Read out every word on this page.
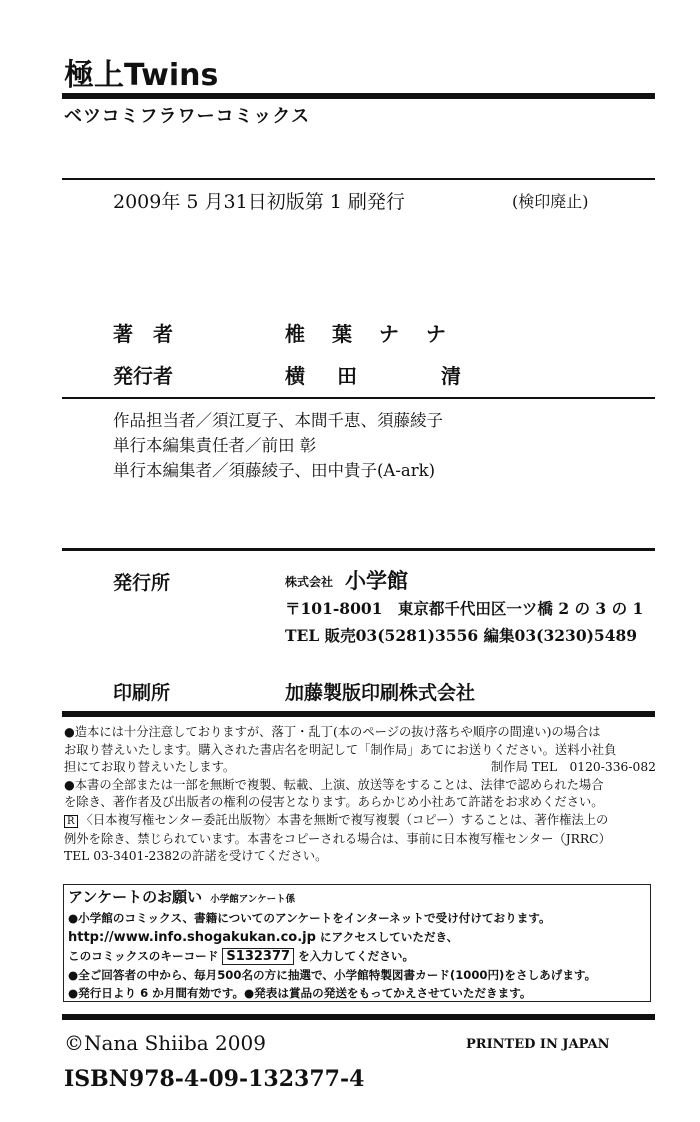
極上Twins
ベツコミフラワーコミックス
2009年 5 月31日初版第 1 刷発行	(検印廃止)
著　者	椎 葉 ナ ナ
発行者	横　田　　　清
作品担当者／須江夏子、本間千恵、須藤綾子
単行本編集責任者／前田 彰
単行本編集者／須藤綾子、田中貴子(A-ark)
発行所	株式会社 小学館
〒101-8001　東京都千代田区一ツ橋 2 の 3 の 1
TEL 販売03(5281)3556 編集03(3230)5489
印刷所	加藤製版印刷株式会社
●造本には十分注意しておりますが、落丁・乱丁(本のページの抜け落ちや順序の間違い)の場合は
お取り替えいたします。購入された書店名を明記して「制作局」あてにお送りください。送料小社負
担にてお取り替えいたします。	制作局 TEL　0120-336-082
●本書の全部または一部を無断で複製、転載、上演、放送等をすることは、法律で認められた場合
を除き、著作者及び出版者の権利の侵害となります。あらかじめ小社あて許諾をお求めください。
R 〈日本複写権センター委託出版物〉本書を無断で複写複製（コピー）することは、著作権法上の
例外を除き、禁じられています。本書をコピーされる場合は、事前に日本複写権センター（JRRC）
TEL 03-3401-2382の許諾を受けてください。
アンケートのお願い 小学館アンケート係
●小学館のコミックス、書籍についてのアンケートをインターネットで受け付けております。
http://www.info.shogakukan.co.jp にアクセスしていただき、
このコミックスのキーコード S132377 を入力してください。
●全ご回答者の中から、毎月500名の方に抽選で、小学館特製図書カード(1000円)をさしあげます。
●発行日より 6 か月間有効です。●発表は賞品の発送をもってかえさせていただきます。
©Nana Shiiba 2009	PRINTED IN JAPAN
ISBN978-4-09-132377-4
